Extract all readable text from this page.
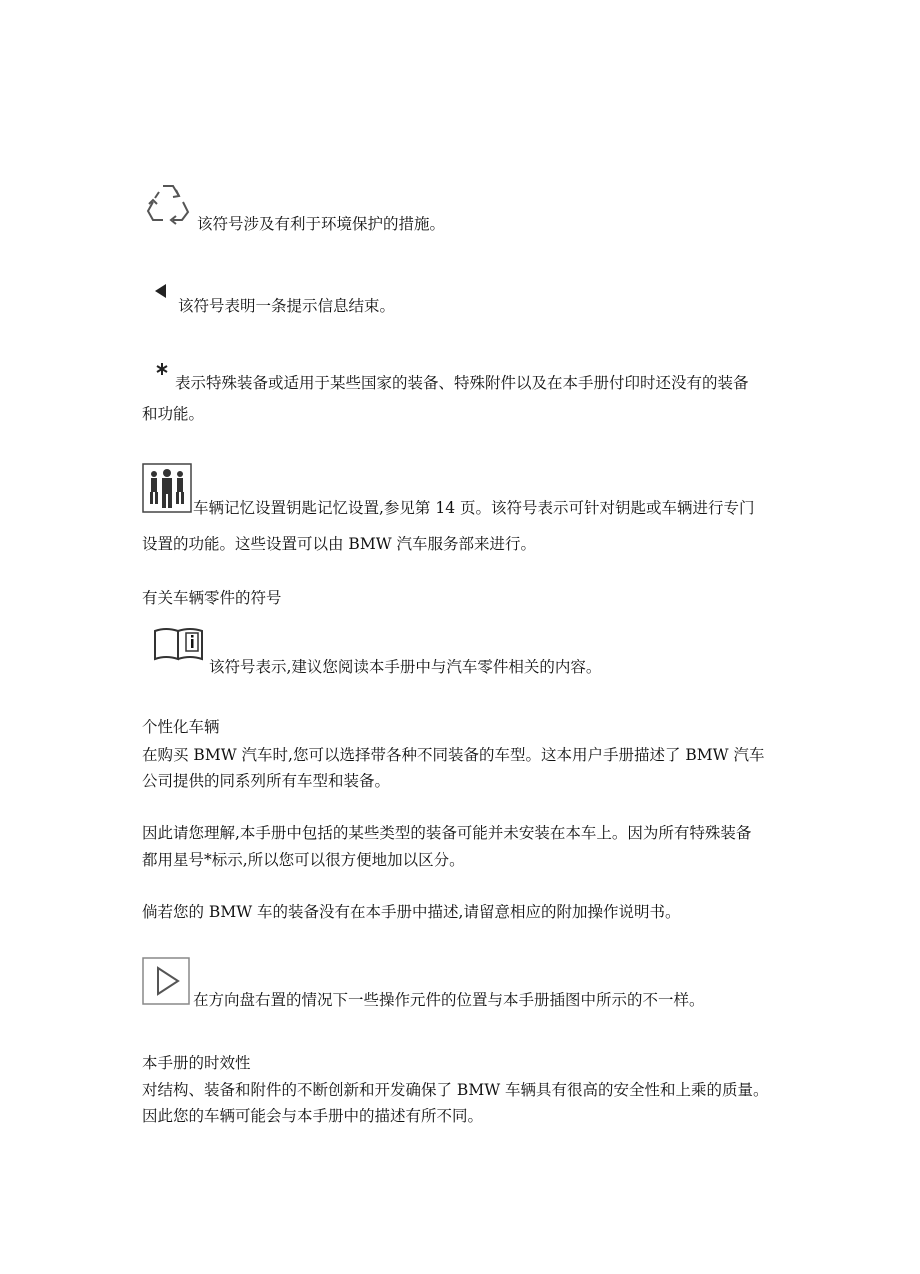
该符号涉及有利于环境保护的措施。
该符号表明一条提示信息结束。
表示特殊装备或适用于某些国家的装备、特殊附件以及在本手册付印时还没有的装备
和功能。
车辆记忆设置钥匙记忆设置,参见第 14 页。该符号表示可针对钥匙或车辆进行专门
设置的功能。这些设置可以由 BMW 汽车服务部来进行。
有关车辆零件的符号
该符号表示,建议您阅读本手册中与汽车零件相关的内容。
个性化车辆
在购买 BMW 汽车时,您可以选择带各种不同装备的车型。这本用户手册描述了 BMW 汽车
公司提供的同系列所有车型和装备。
因此请您理解,本手册中包括的某些类型的装备可能并未安装在本车上。因为所有特殊装备
都用星号*标示,所以您可以很方便地加以区分。
倘若您的 BMW 车的装备没有在本手册中描述,请留意相应的附加操作说明书。
在方向盘右置的情况下一些操作元件的位置与本手册插图中所示的不一样。
本手册的时效性
对结构、装备和附件的不断创新和开发确保了 BMW 车辆具有很高的安全性和上乘的质量。
因此您的车辆可能会与本手册中的描述有所不同。
